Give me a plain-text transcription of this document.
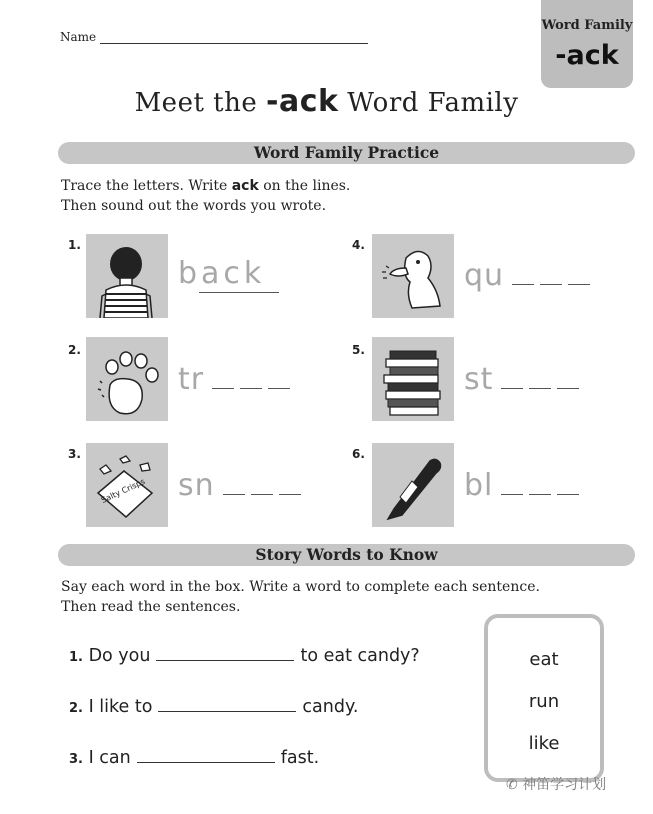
Name
Word Family
-ack
Meet the -ack Word Family
Word Family Practice
Trace the letters. Write ack on the lines.
Then sound out the words you wrote.
1.
back
2.
tr
3.
Salty Crisps sn
4.
qu
5.
st
6.
bl
Story Words to Know
Say each word in the box. Write a word to complete each sentence.
Then read the sentences.
1. Do you	to eat candy?
2. I like to	candy.
3. I can	fast.
eat
run
like
✆ 神笛学习计划
